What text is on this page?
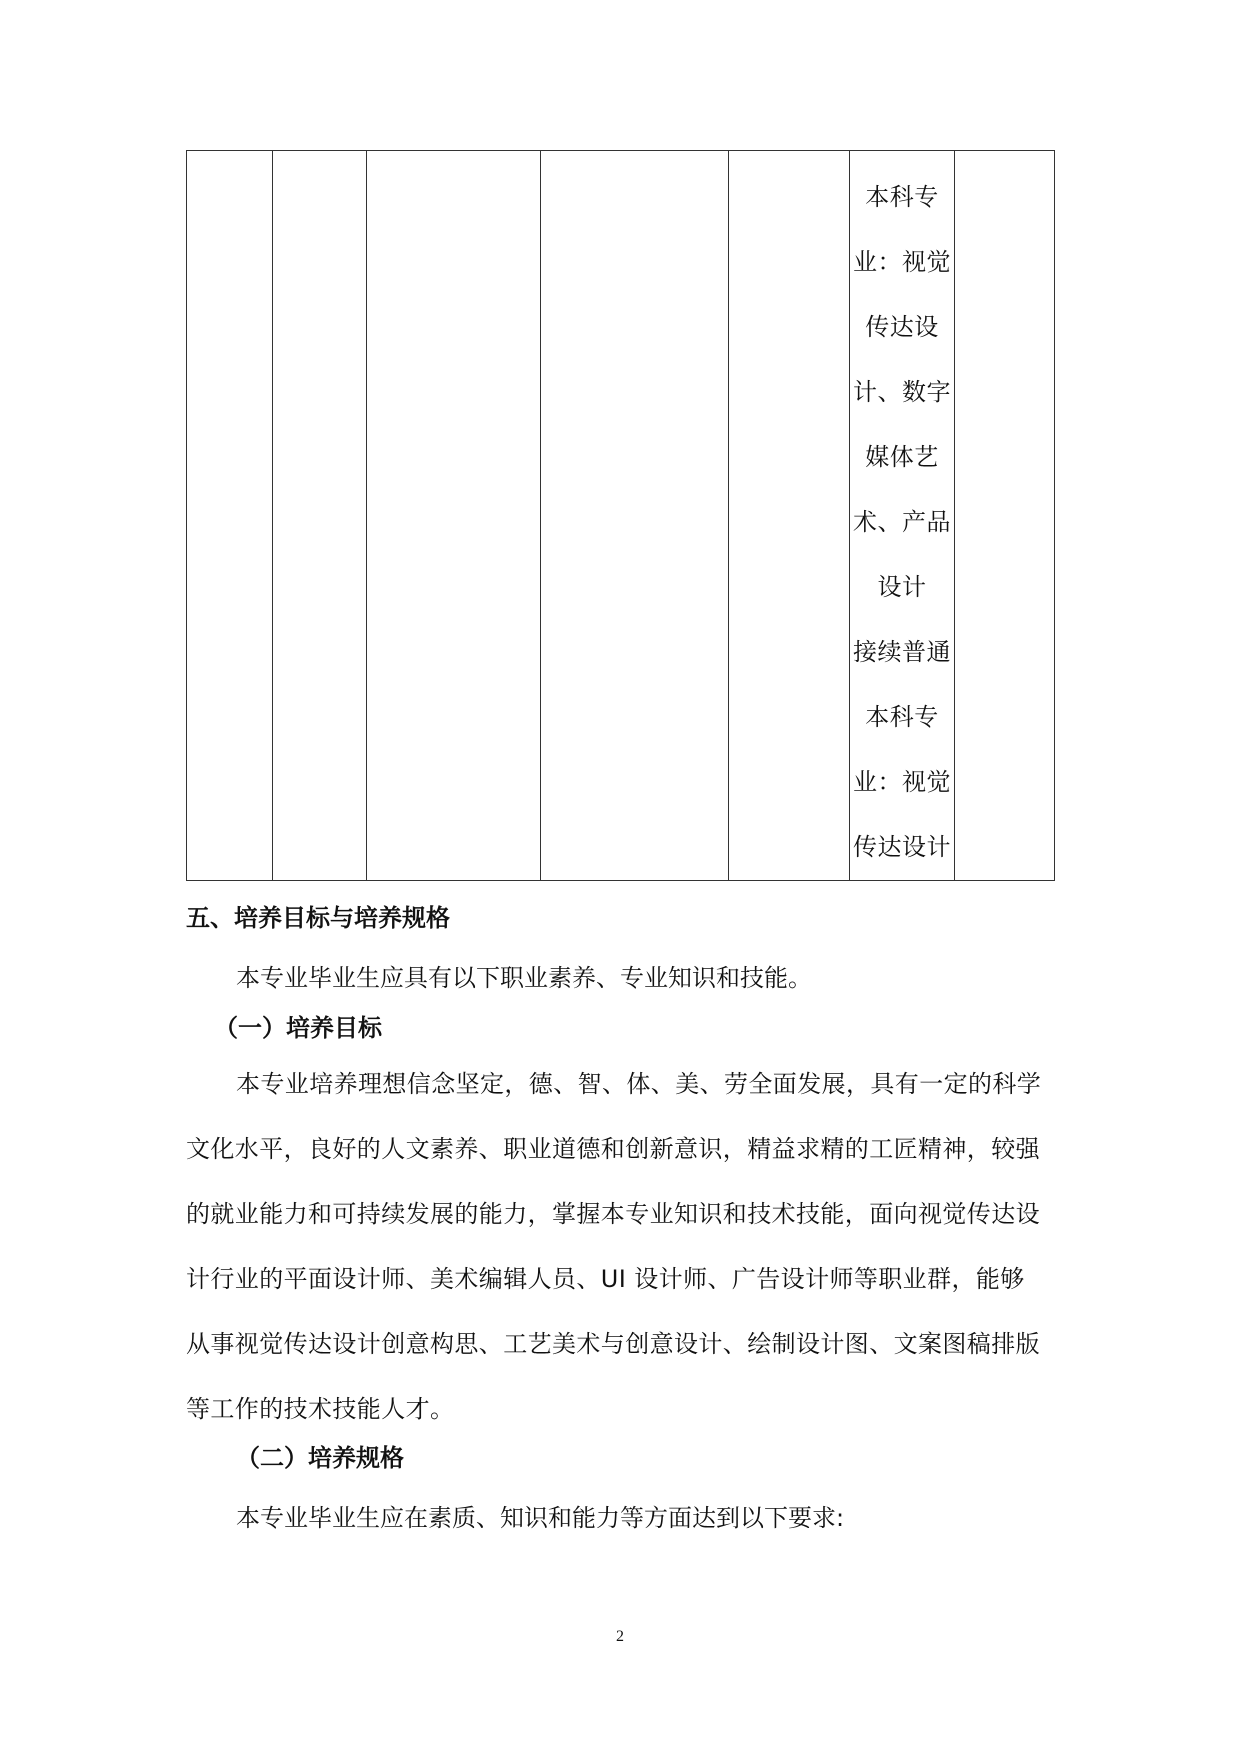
本科专
业：视觉
传达设
计、数字
媒体艺
术、产品
设计
接续普通
本科专
业：视觉
传达设计

五、培养目标与培养规格
本专业毕业生应具有以下职业素养、专业知识和技能。
（一）培养目标
本专业培养理想信念坚定，德、智、体、美、劳全面发展，具有一定的科学
文化水平，良好的人文素养、职业道德和创新意识，精益求精的工匠精神，较强
的就业能力和可持续发展的能力，掌握本专业知识和技术技能，面向视觉传达设
计行业的平面设计师、美术编辑人员、UI 设计师、广告设计师等职业群，能够
从事视觉传达设计创意构思、工艺美术与创意设计、绘制设计图、文案图稿排版
等工作的技术技能人才。
（二）培养规格
本专业毕业生应在素质、知识和能力等方面达到以下要求:
2
